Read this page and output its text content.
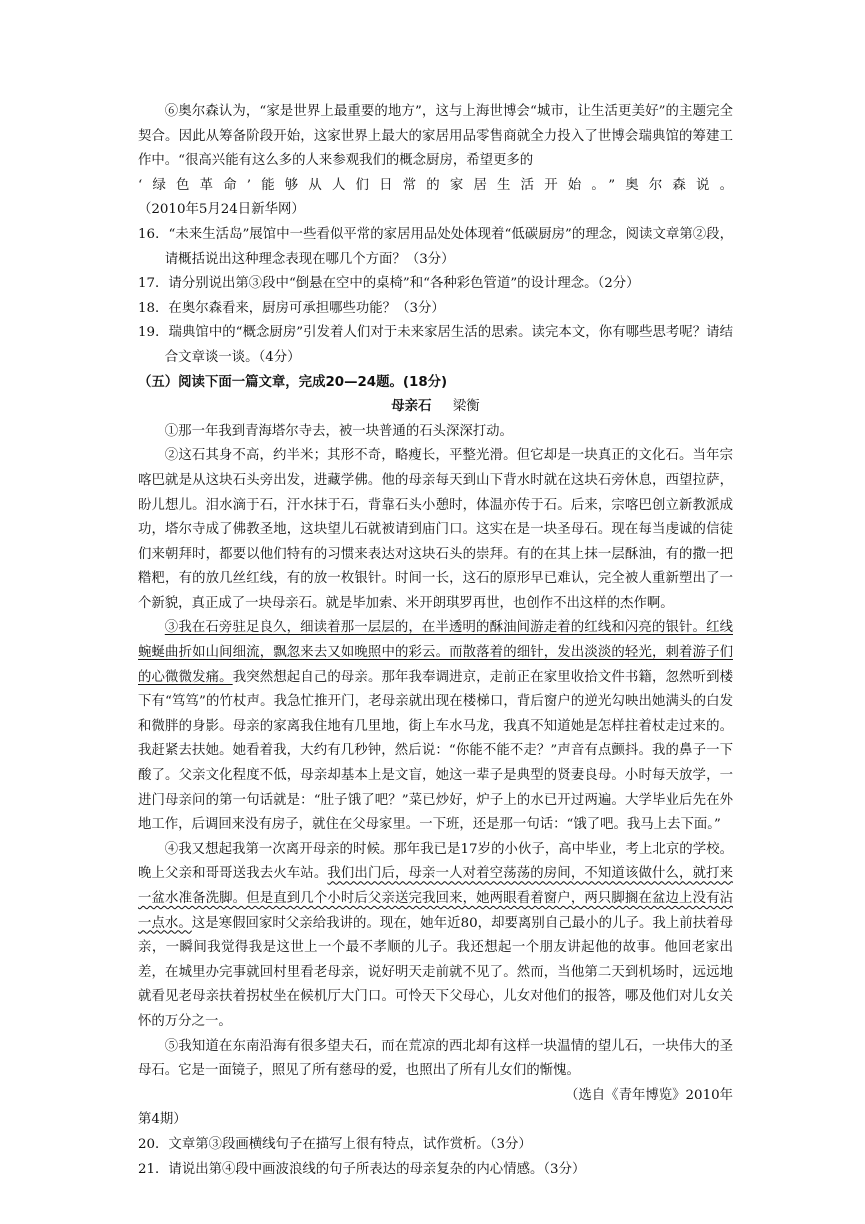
⑥奥尔森认为，“家是世界上最重要的地方”，这与上海世博会“城市，让生活更美好”的主题完全契合。因此从筹备阶段开始，这家世界上最大的家居用品零售商就全力投入了世博会瑞典馆的筹建工作中。“很高兴能有这么多的人来参观我们的概念厨房，希望更多的

‘绿色革命’能够从人们日常的家居生活开始。”奥尔森说。

（2010年5月24日新华网）

16．“未来生活岛”展馆中一些看似平常的家居用品处处体现着“低碳厨房”的理念，阅读文章第②段，请概括说出这种理念表现在哪几个方面？（3分）

17．请分别说出第③段中“倒悬在空中的桌椅”和“各种彩色管道”的设计理念。（2分）

18．在奥尔森看来，厨房可承担哪些功能？（3分）

19．瑞典馆中的“概念厨房”引发着人们对于未来家居生活的思索。读完本文，你有哪些思考呢？请结合文章谈一谈。（4分）

（五）阅读下面一篇文章，完成20—24题。(18分)

母亲石 梁衡

①那一年我到青海塔尔寺去，被一块普通的石头深深打动。

②这石其身不高，约半米；其形不奇，略瘦长，平整光滑。但它却是一块真正的文化石。当年宗喀巴就是从这块石头旁出发，进藏学佛。他的母亲每天到山下背水时就在这块石旁休息，西望拉萨，盼儿想儿。泪水滴于石，汗水抹于石，背靠石头小憩时，体温亦传于石。后来，宗喀巴创立新教派成功，塔尔寺成了佛教圣地，这块望儿石就被请到庙门口。这实在是一块圣母石。现在每当虔诚的信徒们来朝拜时，都要以他们特有的习惯来表达对这块石头的崇拜。有的在其上抹一层酥油，有的撒一把糌粑，有的放几丝红线，有的放一枚银针。时间一长，这石的原形早已难认，完全被人重新塑出了一个新貌，真正成了一块母亲石。就是毕加索、米开朗琪罗再世，也创作不出这样的杰作啊。

③我在石旁驻足良久，细读着那一层层的，在半透明的酥油间游走着的红线和闪亮的银针。红线蜿蜒曲折如山间细流，飘忽来去又如晚照中的彩云。而散落着的细针，发出淡淡的轻光，刺着游子们的心微微发痛。我突然想起自己的母亲。那年我奉调进京，走前正在家里收拾文件书籍，忽然听到楼下有“笃笃”的竹杖声。我急忙推开门，老母亲就出现在楼梯口，背后窗户的逆光勾映出她满头的白发和微胖的身影。母亲的家离我住地有几里地，街上车水马龙，我真不知道她是怎样拄着杖走过来的。我赶紧去扶她。她看着我，大约有几秒钟，然后说：“你能不能不走？”声音有点颤抖。我的鼻子一下酸了。父亲文化程度不低，母亲却基本上是文盲，她这一辈子是典型的贤妻良母。小时每天放学，一进门母亲问的第一句话就是：“肚子饿了吧？”菜已炒好，炉子上的水已开过两遍。大学毕业后先在外地工作，后调回来没有房子，就住在父母家里。一下班，还是那一句话：“饿了吧。我马上去下面。”

④我又想起我第一次离开母亲的时候。那年我已是17岁的小伙子，高中毕业，考上北京的学校。晚上父亲和哥哥送我去火车站。我们出门后，母亲一人对着空荡荡的房间，不知道该做什么，就打来一盆水准备洗脚。但是直到几个小时后父亲送完我回来，她两眼看着窗户，两只脚搁在盆边上没有沾一点水。这是寒假回家时父亲给我讲的。现在，她年近80，却要离别自己最小的儿子。我上前扶着母亲，一瞬间我觉得我是这世上一个最不孝顺的儿子。我还想起一个朋友讲起他的故事。他回老家出差，在城里办完事就回村里看老母亲，说好明天走前就不见了。然而，当他第二天到机场时，远远地就看见老母亲扶着拐杖坐在候机厅大门口。可怜天下父母心，儿女对他们的报答，哪及他们对儿女关怀的万分之一。

⑤我知道在东南沿海有很多望夫石，而在荒凉的西北却有这样一块温情的望儿石，一块伟大的圣母石。它是一面镜子，照见了所有慈母的爱，也照出了所有儿女们的惭愧。

（选自《青年博览》2010年

第4期）

20．文章第③段画横线句子在描写上很有特点，试作赏析。（3分）

21．请说出第④段中画波浪线的句子所表达的母亲复杂的内心情感。（3分）
